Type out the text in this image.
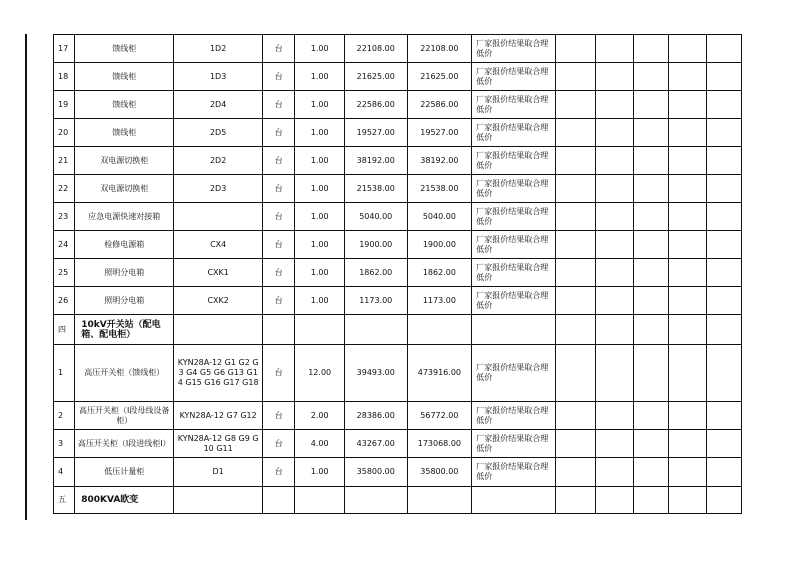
17	馈线柜	1D2	台	1.00	22108.00	22108.00	厂家报价结果取合理低价					
18	馈线柜	1D3	台	1.00	21625.00	21625.00	厂家报价结果取合理低价					
19	馈线柜	2D4	台	1.00	22586.00	22586.00	厂家报价结果取合理低价					
20	馈线柜	2D5	台	1.00	19527.00	19527.00	厂家报价结果取合理低价					
21	双电源切换柜	2D2	台	1.00	38192.00	38192.00	厂家报价结果取合理低价					
22	双电源切换柜	2D3	台	1.00	21538.00	21538.00	厂家报价结果取合理低价					
23	应急电源快速对接箱		台	1.00	5040.00	5040.00	厂家报价结果取合理低价					
24	检修电源箱	CX4	台	1.00	1900.00	1900.00	厂家报价结果取合理低价					
25	照明分电箱	CXK1	台	1.00	1862.00	1862.00	厂家报价结果取合理低价					
26	照明分电箱	CXK2	台	1.00	1173.00	1173.00	厂家报价结果取合理低价					
四	10kV开关站（配电箱、配电柜）											
1	高压开关柜（馈线柜）	KYN28A-12 G1 G2 G3 G4 G5 G6 G13 G14 G15 G16 G17 G18	台	12.00	39493.00	473916.00	厂家报价结果取合理低价					
2	高压开关柜（I段母线设备柜）	KYN28A-12 G7 G12	台	2.00	28386.00	56772.00	厂家报价结果取合理低价					
3	高压开关柜（I段进线柜I）	KYN28A-12 G8 G9 G10 G11	台	4.00	43267.00	173068.00	厂家报价结果取合理低价					
4	低压计量柜	D1	台	1.00	35800.00	35800.00	厂家报价结果取合理低价					
五	800KVA欧变											
